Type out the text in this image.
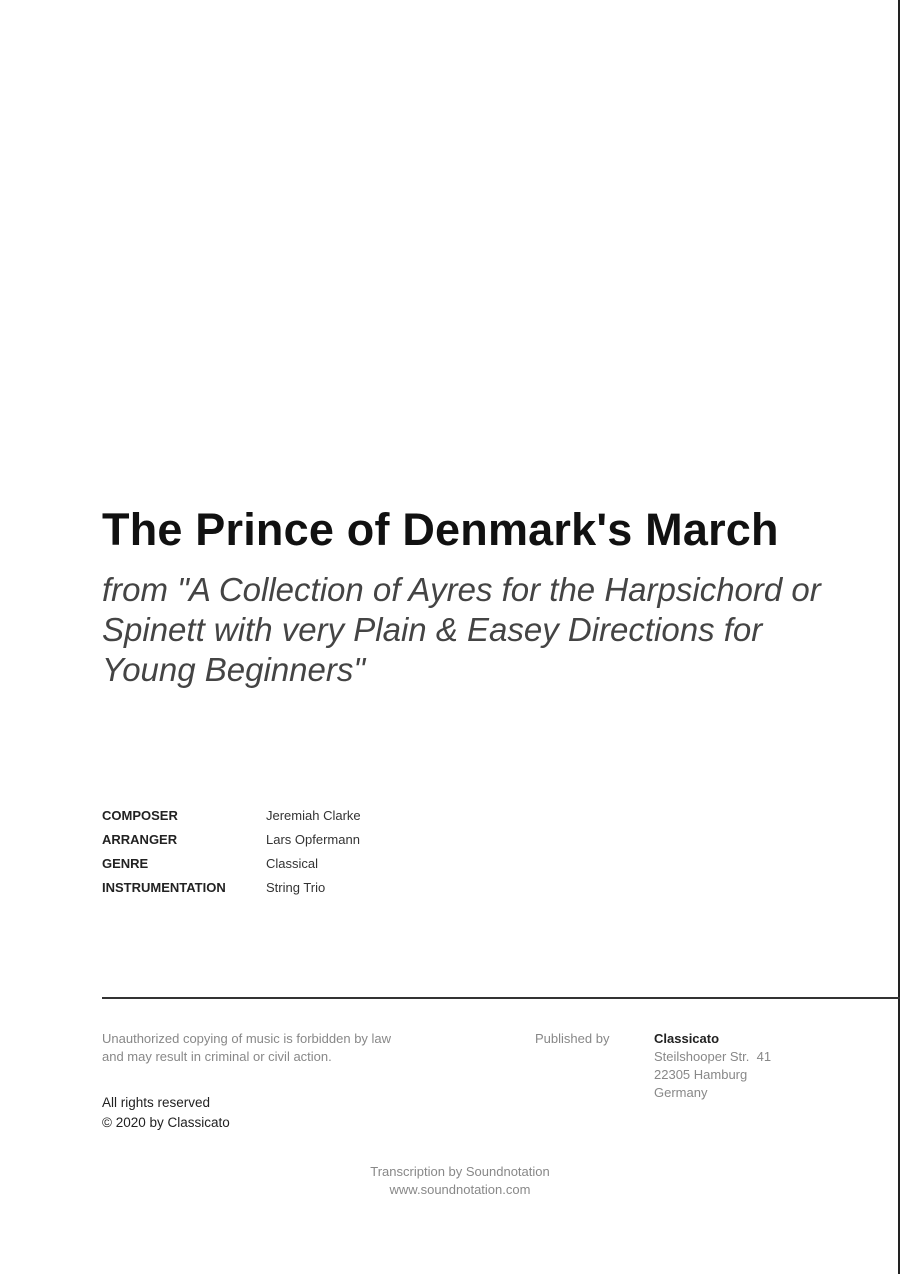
The Prince of Denmark's March

from "A Collection of Ayres for the Harpsichord or Spinett with very Plain & Easey Directions for Young Beginners"

COMPOSER	Jeremiah Clarke
ARRANGER	Lars Opfermann
GENRE	Classical
INSTRUMENTATION	String Trio
Unauthorized copying of music is forbidden by law
and may result in criminal or civil action.
All rights reserved
© 2020 by Classicato
Published by	Classicato
Steilshooper Str.  41
22305 Hamburg
Germany
Transcription by Soundnotation
www.soundnotation.com
